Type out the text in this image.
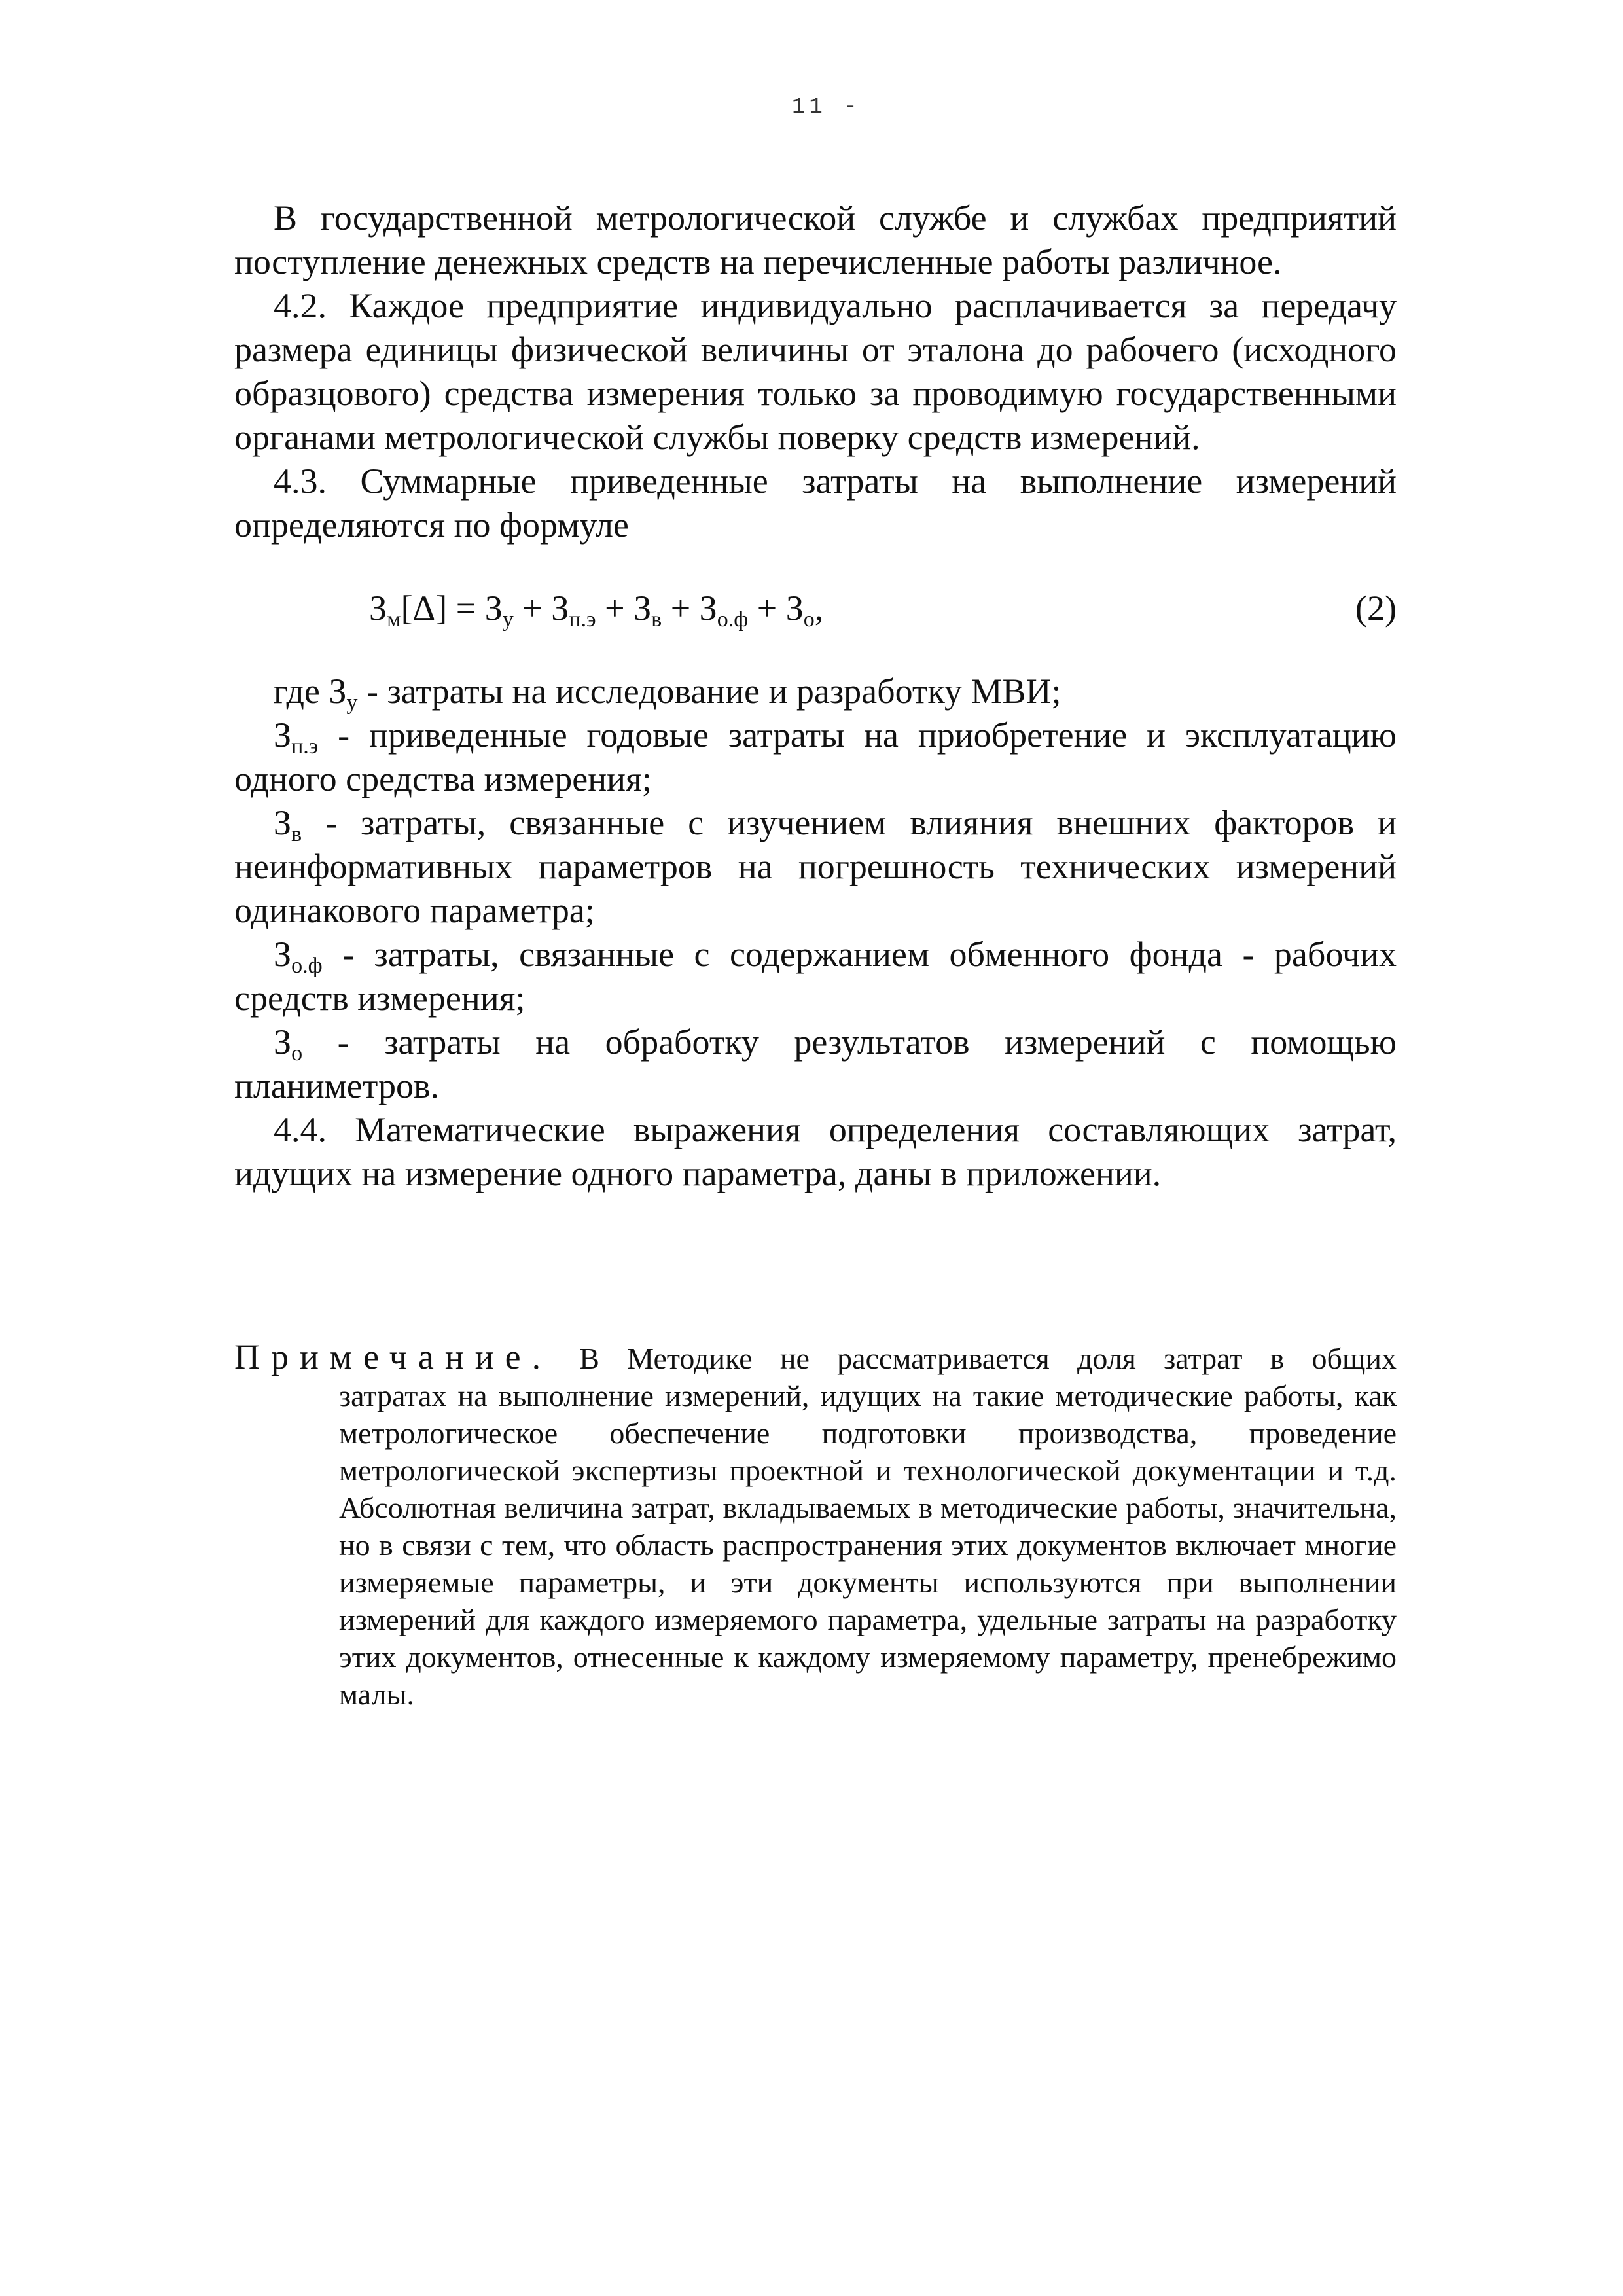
11 -

В государственной метрологической службе и службах предприятий поступление денежных средств на перечисленные работы различное.

4.2. Каждое предприятие индивидуально расплачивается за передачу размера единицы физической величины от эталона до рабочего (исходного образцового) средства измерения только за проводимую государственными органами метрологической службы поверку средств измерений.

4.3. Суммарные приведенные затраты на выполнение измерений определяются по формуле

$З_м[\Delta] = З_у + З_{п.э} + З_в + З_{о.ф} + З_о$,	(2)

где $З_у$ - затраты на исследование и разработку МВИ;

$З_{п.э}$ - приведенные годовые затраты на приобретение и эксплуатацию одного средства измерения;

$З_в$ - затраты, связанные с изучением влияния внешних факторов и неинформативных параметров на погрешность технических измерений одинакового параметра;

$З_{о.ф}$ - затраты, связанные с содержанием обменного фонда - рабочих средств измерения;

$З_о$ - затраты на обработку результатов измерений с помощью планиметров.

4.4. Математические выражения определения составляющих затрат, идущих на измерение одного параметра, даны в приложении.

Примечание. В Методике не рассматривается доля затрат в общих
затратах на выполнение измерений, идущих на такие методические работы, как метрологическое обеспечение подготовки производства, проведение метрологической экспертизы проектной и технологической документации и т.д. Абсолютная величина затрат, вкладываемых в методические работы, значительна, но в связи с тем, что область распространения этих документов включает многие измеряемые параметры, и эти документы используются при выполнении измерений для каждого измеряемого параметра, удельные затраты на разработку этих документов, отнесенные к каждому измеряемому параметру, пренебрежимо малы.
